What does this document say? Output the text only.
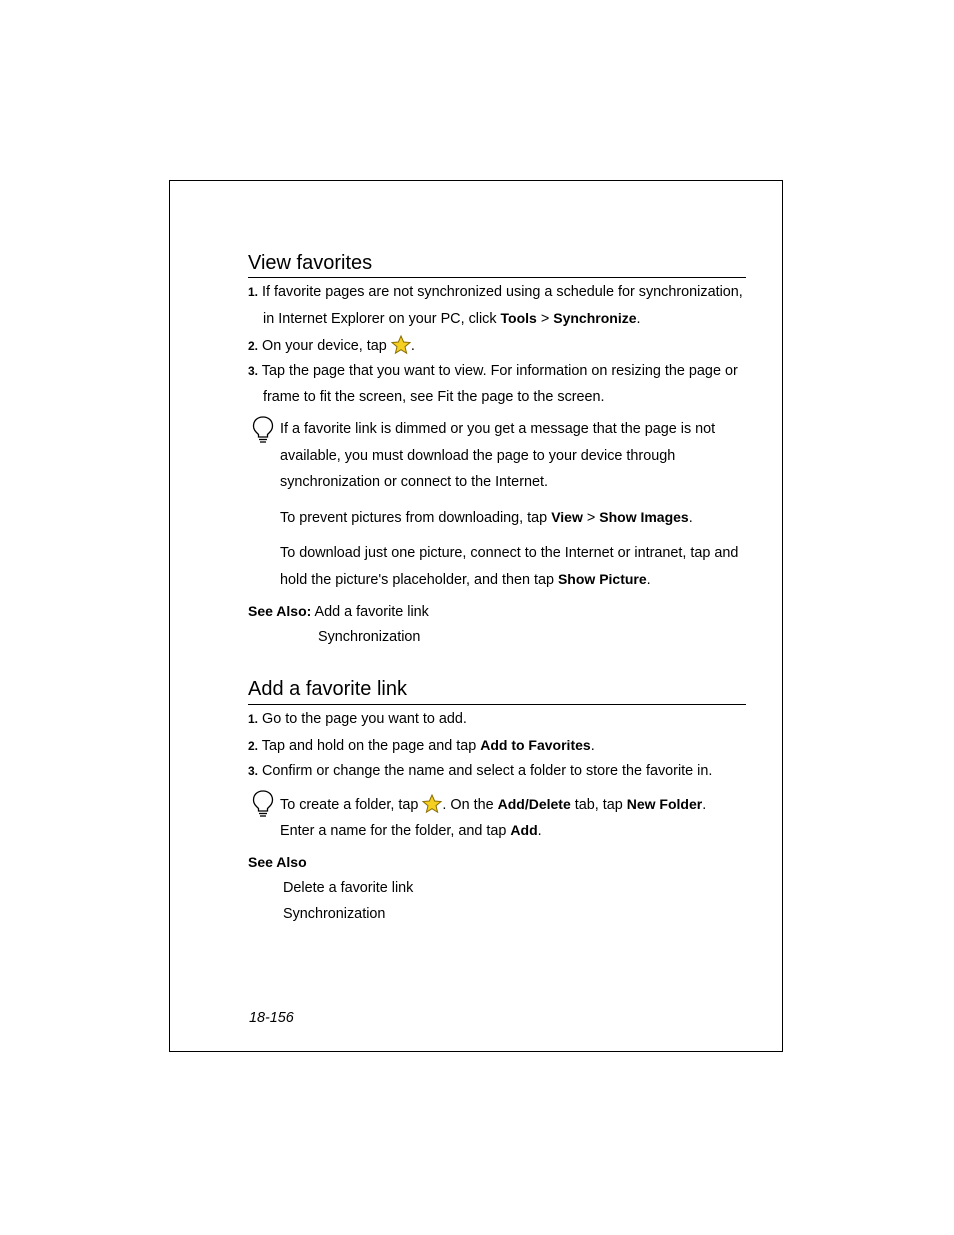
View favorites
1. If favorite pages are not synchronized using a schedule for synchronization,
in Internet Explorer on your PC, click Tools > Synchronize.
2. On your device, tap .
3. Tap the page that you want to view. For information on resizing the page or
frame to fit the screen, see Fit the page to the screen.
If a favorite link is dimmed or you get a message that the page is not
available, you must download the page to your device through
synchronization or connect to the Internet.
To prevent pictures from downloading, tap View > Show Images.
To download just one picture, connect to the Internet or intranet, tap and
hold the picture's placeholder, and then tap Show Picture.
See Also: Add a favorite link
Synchronization
Add a favorite link
1. Go to the page you want to add.
2. Tap and hold on the page and tap Add to Favorites.
3. Confirm or change the name and select a folder to store the favorite in.
To create a folder, tap . On the Add/Delete tab, tap New Folder.
Enter a name for the folder, and tap Add.
See Also
Delete a favorite link
Synchronization
18-156
